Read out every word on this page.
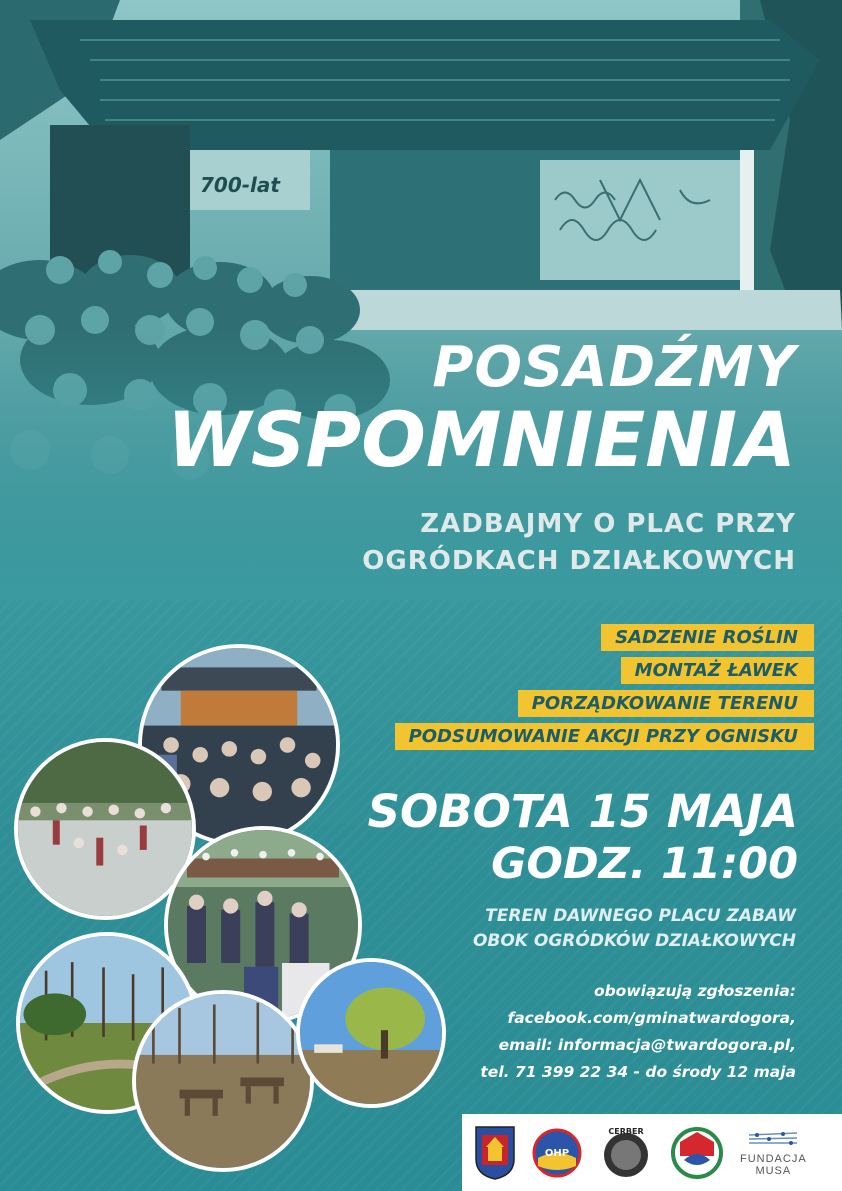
POSADŹMY
WSPOMNIENIA
ZADBAJMY O PLAC PRZY
OGRÓDKACH DZIAŁKOWYCH
SADZENIE ROŚLIN
MONTAŻ ŁAWEK
PORZĄDKOWANIE TERENU
PODSUMOWANIE AKCJI PRZY OGNISKU
SOBOTA 15 MAJA
GODZ. 11:00
TEREN DAWNEGO PLACU ZABAW
OBOK OGRÓDKÓW DZIAŁKOWYCH
obowiązują zgłoszenia:
facebook.com/gminatwardogora,
email: informacja@twardogora.pl,
tel. 71 399 22 34 - do środy 12 maja
OHP
CERBER
FUNDACJA
MUSA
